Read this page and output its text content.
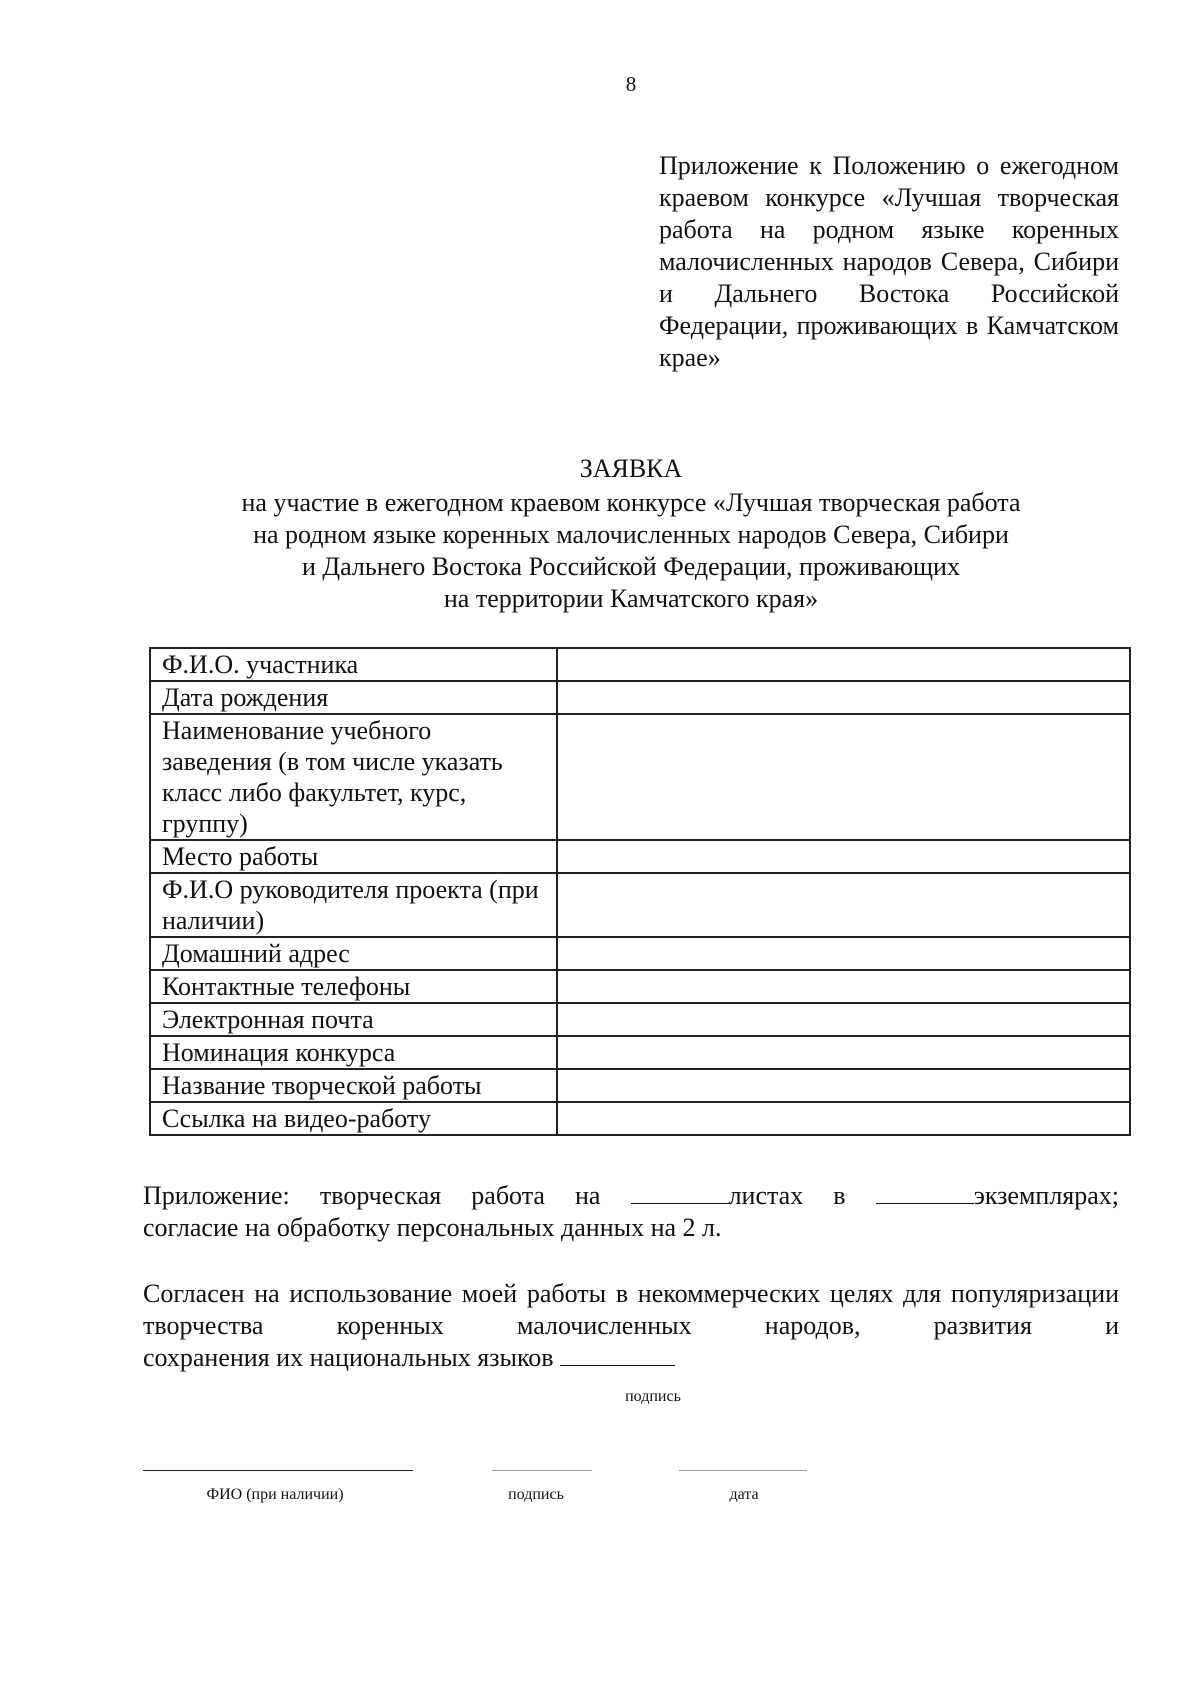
8
Приложение к Положению о ежегодном краевом конкурсе «Лучшая творческая работа на родном языке коренных малочисленных народов Севера, Сибири и Дальнего Востока Российской Федерации, проживающих в Камчатском крае»
ЗАЯВКА
на участие в ежегодном краевом конкурсе «Лучшая творческая работа
на родном языке коренных малочисленных народов Севера, Сибири
и Дальнего Востока Российской Федерации, проживающих
на территории Камчатского края»
Ф.И.О. участника	
Дата рождения	
Наименование учебного заведения (в том числе указать класс либо факультет, курс, группу)	
Место работы	
Ф.И.О руководителя проекта (при наличии)	
Домашний адрес	
Контактные телефоны	
Электронная почта	
Номинация конкурса	
Название творческой работы	
Ссылка на видео-работу	
Приложение: творческая работа на	листах в	экземплярах;
согласие на обработку персональных данных на 2 л.
Согласен на использование моей работы в некоммерческих целях для популяризации творчества коренных малочисленных народов, развития и
сохранения их национальных языков
подпись
ФИО (при наличии)	подпись	дата
